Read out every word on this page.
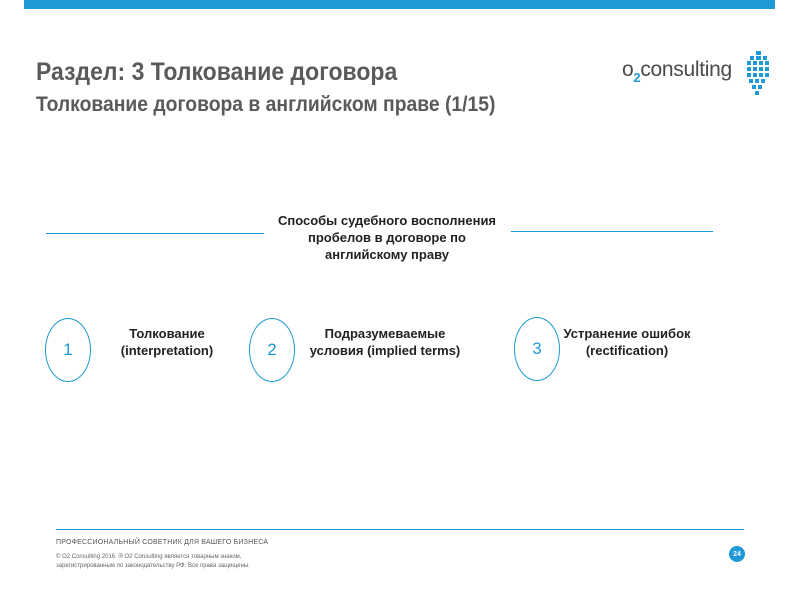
Раздел: 3 Толкование договора
Толкование договора в английском праве (1/15)
$o_2consulting$
Способы судебного восполнения пробелов в договоре по английскому праву
1
Толкование (interpretation)	2
Подразумеваемые условия (implied terms)	3
Устранение ошибок (rectification)
ПРОФЕССИОНАЛЬНЫЙ СОВЕТНИК ДЛЯ ВАШЕГО БИЗНЕСА
© O2 Consulting 2016. ® O2 Consulting является товарным знаком, зарегистрированным по законодательству РФ. Все права защищены.
24
